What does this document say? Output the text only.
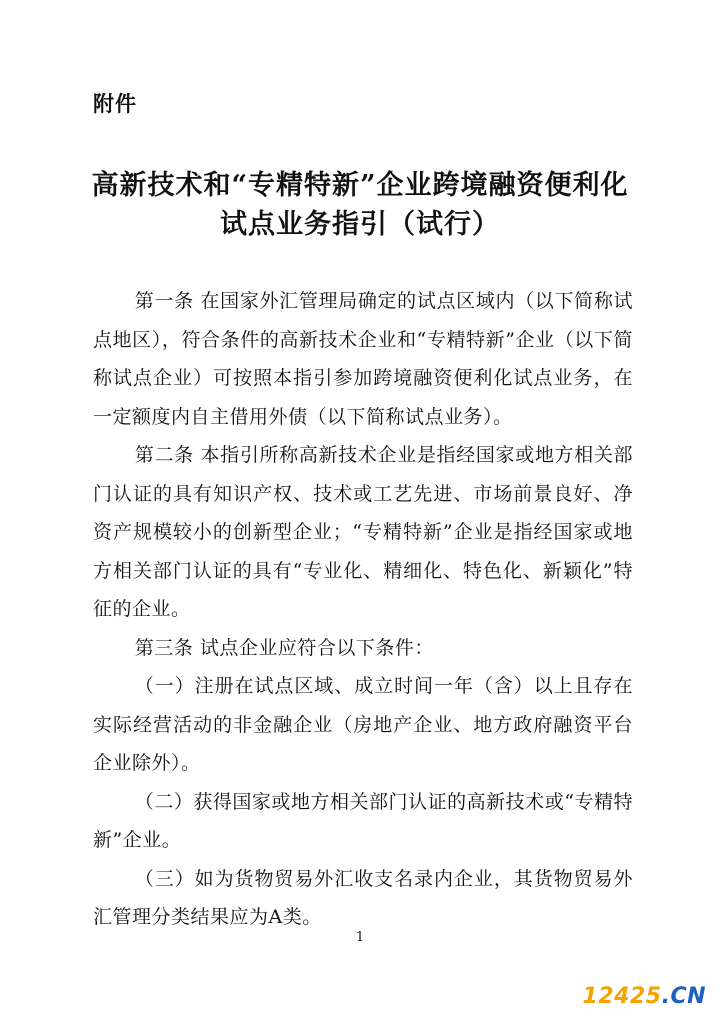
附件
高新技术和“专精特新”企业跨境融资便利化
试点业务指引（试行）

第一条 在国家外汇管理局确定的试点区域内（以下简称试点地区），符合条件的高新技术企业和“专精特新”企业（以下简称试点企业）可按照本指引参加跨境融资便利化试点业务，在一定额度内自主借用外债（以下简称试点业务）。

第二条 本指引所称高新技术企业是指经国家或地方相关部门认证的具有知识产权、技术或工艺先进、市场前景良好、净资产规模较小的创新型企业；“专精特新”企业是指经国家或地方相关部门认证的具有“专业化、精细化、特色化、新颖化”特征的企业。

第三条 试点企业应符合以下条件：

（一）注册在试点区域、成立时间一年（含）以上且存在实际经营活动的非金融企业（房地产企业、地方政府融资平台企业除外）。

（二）获得国家或地方相关部门认证的高新技术或“专精特新”企业。

（三）如为货物贸易外汇收支名录内企业，其货物贸易外汇管理分类结果应为A类。

1
12425.CN
